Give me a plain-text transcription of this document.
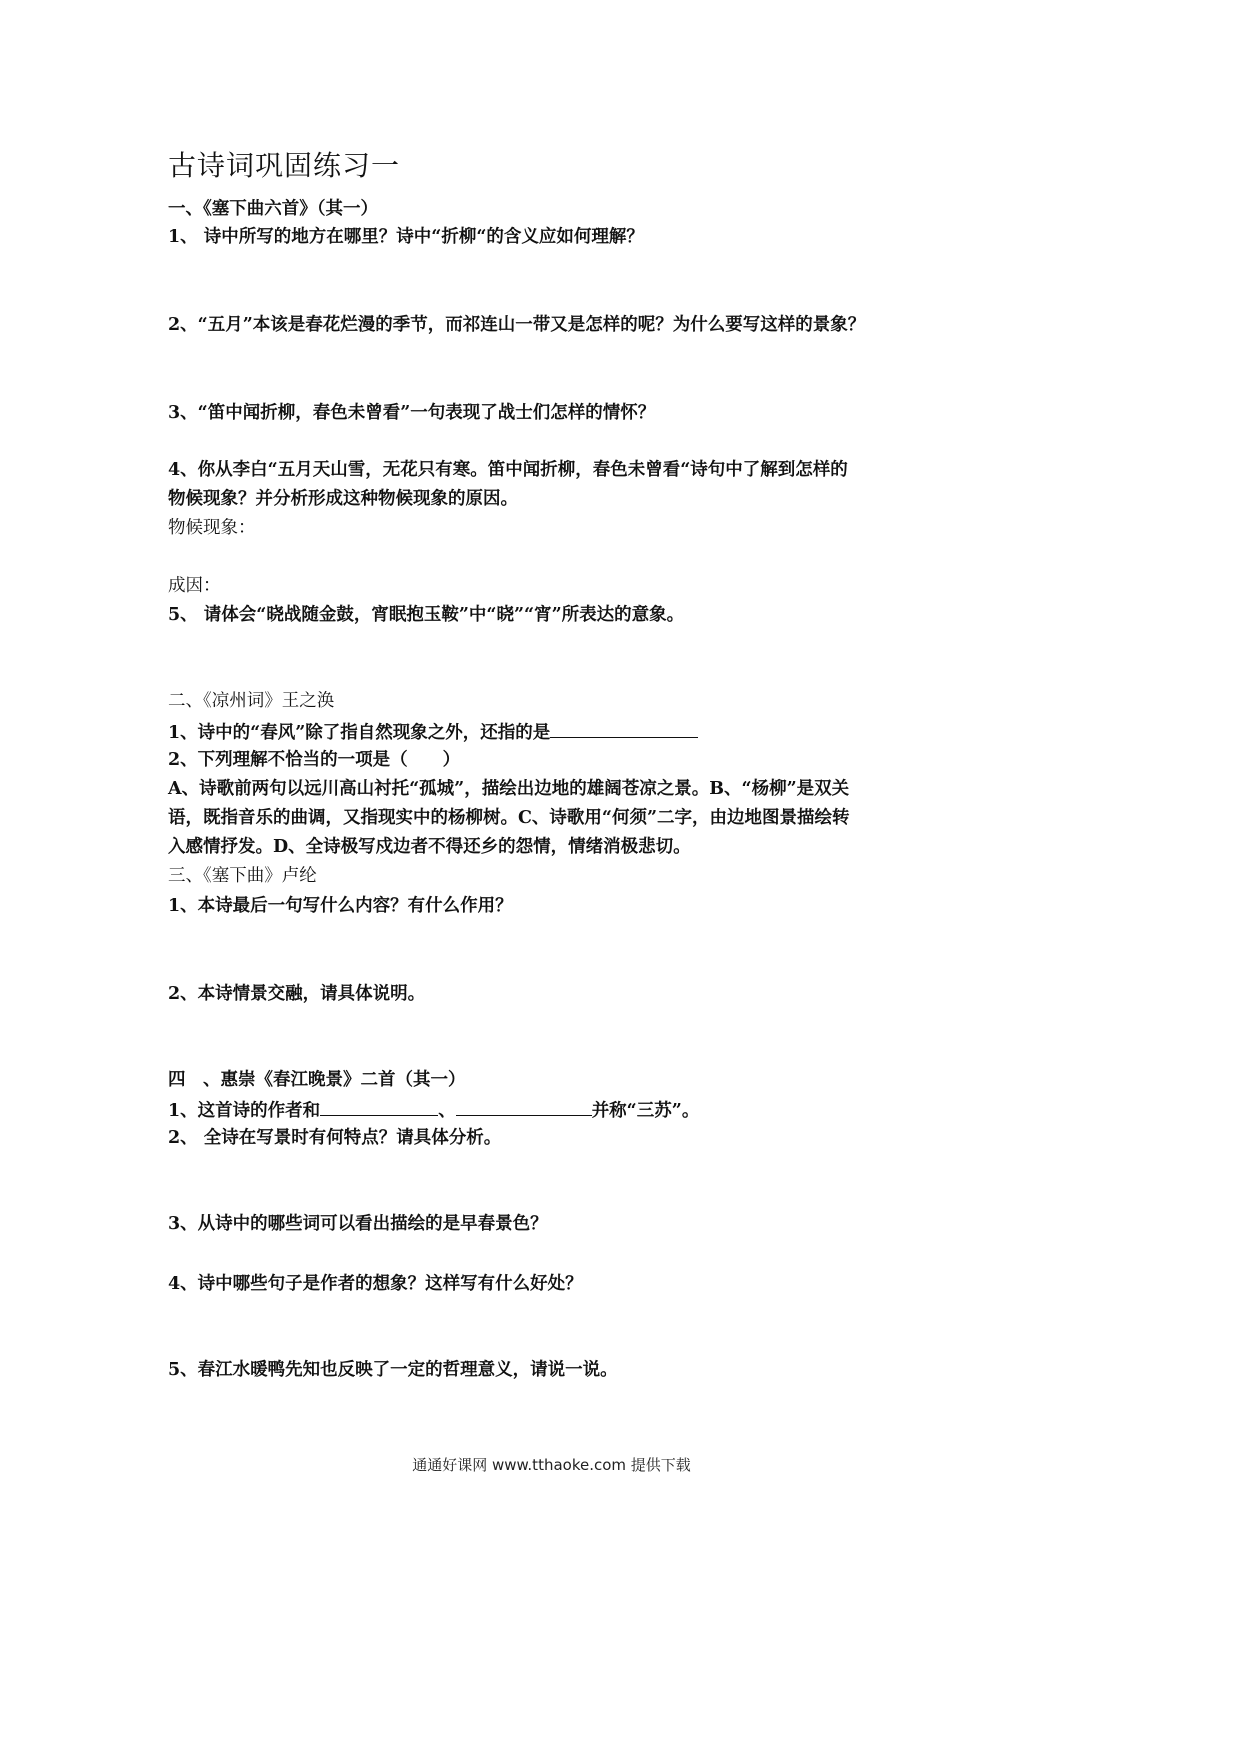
古诗词巩固练习一
一、《塞下曲六首》（其一）
1、 诗中所写的地方在哪里？诗中“折柳“的含义应如何理解？
2、“五月”本该是春花烂漫的季节，而祁连山一带又是怎样的呢？为什么要写这样的景象？
3、“笛中闻折柳，春色未曾看”一句表现了战士们怎样的情怀？
4、你从李白“五月天山雪，无花只有寒。笛中闻折柳，春色未曾看“诗句中了解到怎样的
物候现象？并分析形成这种物候现象的原因。
物候现象：
成因：
5、 请体会“晓战随金鼓，宵眠抱玉鞍”中“晓”“宵”所表达的意象。
二、《凉州词》王之涣
1、诗中的“春风”除了指自然现象之外，还指的是
2、下列理解不恰当的一项是（　　）
A、诗歌前两句以远川高山衬托“孤城”，描绘出边地的雄阔苍凉之景。B、“杨柳”是双关
语，既指音乐的曲调，又指现实中的杨柳树。C、诗歌用“何须”二字，由边地图景描绘转
入感情抒发。D、全诗极写戍边者不得还乡的怨情，情绪消极悲切。
三、《塞下曲》卢纶
1、本诗最后一句写什么内容？有什么作用？
2、本诗情景交融，请具体说明。
四　、惠崇《春江晚景》二首（其一）
1、这首诗的作者和	、	并称“三苏”。
2、 全诗在写景时有何特点？请具体分析。
3、从诗中的哪些词可以看出描绘的是早春景色？
4、诗中哪些句子是作者的想象？这样写有什么好处？
5、春江水暖鸭先知也反映了一定的哲理意义，请说一说。
通通好课网 www.tthaoke.com 提供下载
